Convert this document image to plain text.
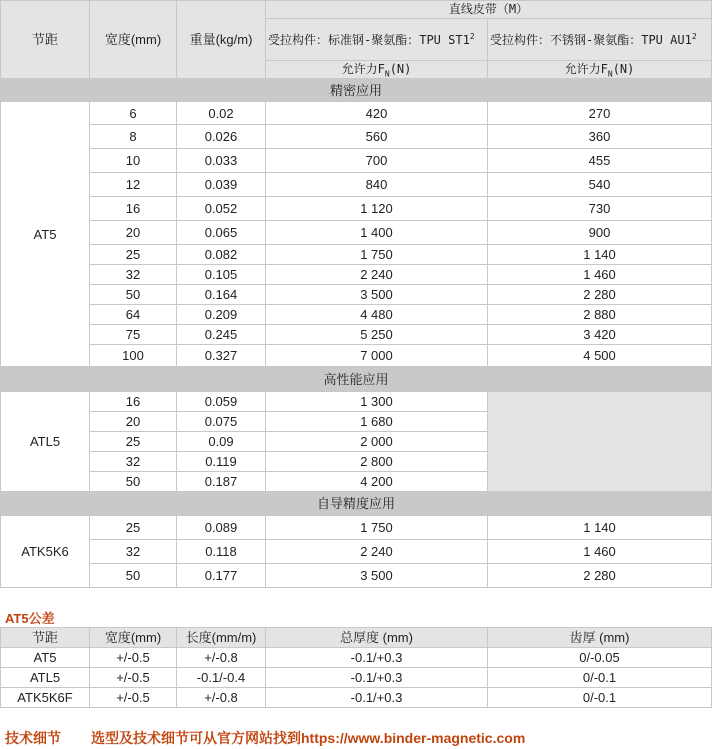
节距	宽度(mm)	重量(kg/m)	直线皮带（M）	
			受拉构件：标准钢-聚氨酯：TPU $ST1^2$	受拉构件：不锈钢-聚氨酯：TPU $AU1^2$
			允许力$F_N(N)$	允许力$F_N(N)$
精密应用				
AT5	6	0.02	420	270
	8	0.026	560	360
	10	0.033	700	455
	12	0.039	840	540
	16	0.052	1 120	730
	20	0.065	1 400	900
	25	0.082	1 750	1 140
	32	0.105	2 240	1 460
	50	0.164	3 500	2 280
	64	0.209	4 480	2 880
	75	0.245	5 250	3 420
	100	0.327	7 000	4 500
高性能应用				
ATL5	16	0.059	1 300	
	20	0.075	1 680	
	25	0.09	2 000	
	32	0.119	2 800	
	50	0.187	4 200	
自导精度应用				
ATK5K6	25	0.089	1 750	1 140
	32	0.118	2 240	1 460
	50	0.177	3 500	2 280
AT5公差
节距	宽度(mm)	长度(mm/m)	总厚度 (mm)	齿厚 (mm)
AT5	+/-0.5	+/-0.8	-0.1/+0.3	0/-0.05
ATL5	+/-0.5	-0.1/-0.4	-0.1/+0.3	0/-0.1
ATK5K6F	+/-0.5	+/-0.8	-0.1/+0.3	0/-0.1
技术细节 选型及技术细节可从官方网站找到https://www.binder-magnetic.com
